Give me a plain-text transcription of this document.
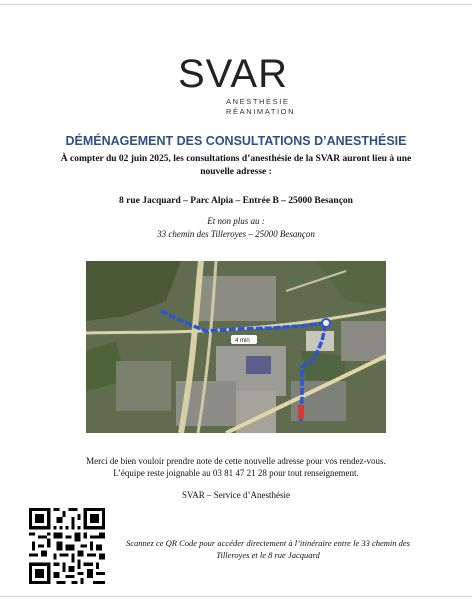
SVAR
ANESTHÉSIE
RÉANIMATION
DÉMÉNAGEMENT DES CONSULTATIONS D’ANESTHÉSIE
À compter du 02 juin 2025, les consultations d’anesthésie de la SVAR auront lieu à une nouvelle adresse :
8 rue Jacquard – Parc Alpia – Entrée B – 25000 Besançon
Et non plus au :
33 chemin des Tilleroyes – 25000 Besançon
4 min
Merci de bien vouloir prendre note de cette nouvelle adresse pour vos rendez-vous.
L’équipe reste joignable au 03 81 47 21 28 pour tout renseignement.
SVAR – Service d’Anesthésie
Scannez ce QR Code pour accéder directement à l’itinéraire entre le 33 chemin des Tilleroyes et le 8 rue Jacquard
